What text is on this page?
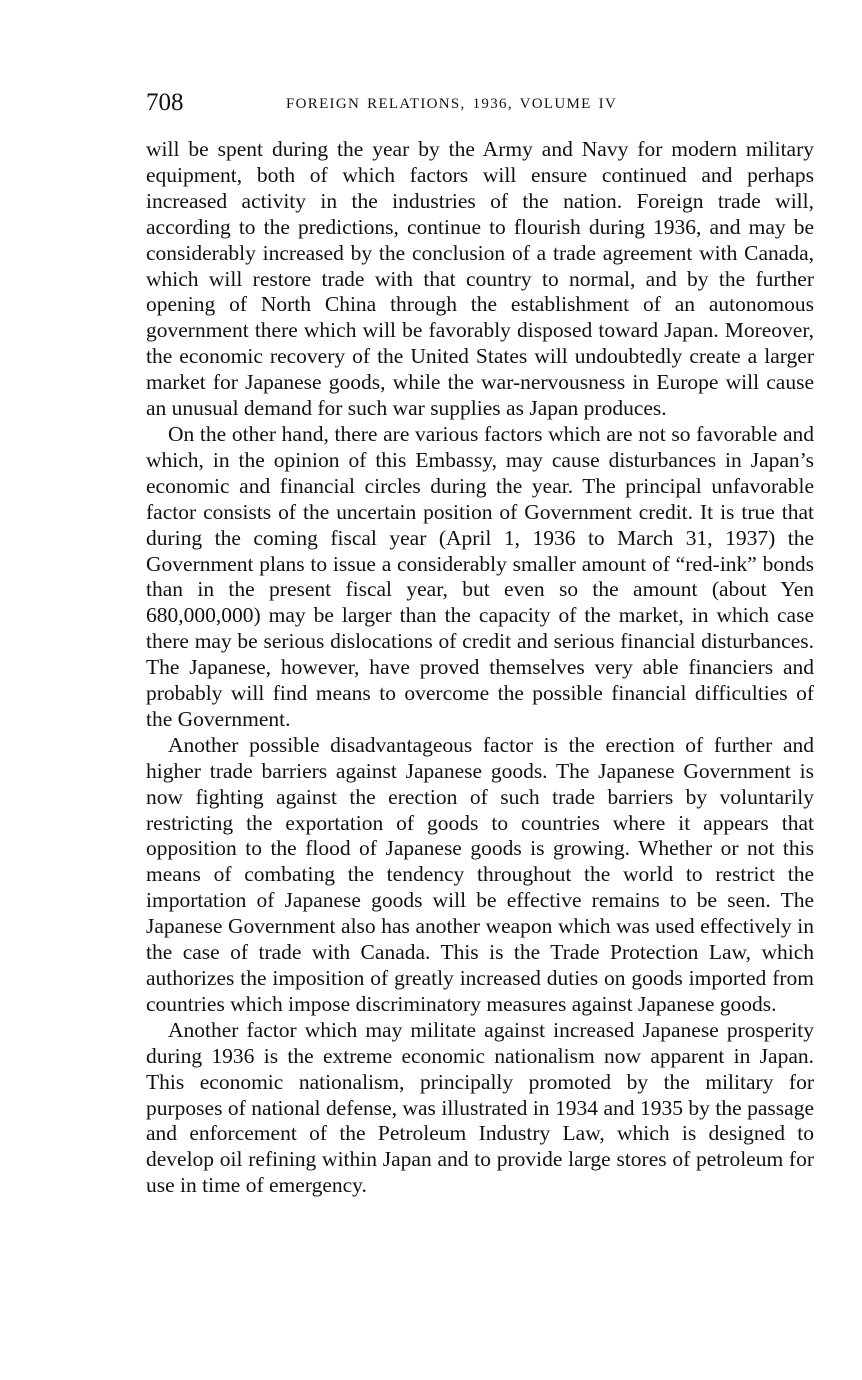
708	FOREIGN RELATIONS, 1936, VOLUME IV

will be spent during the year by the Army and Navy for modern military equipment, both of which factors will ensure continued and perhaps increased activity in the industries of the nation. Foreign trade will, according to the predictions, continue to flourish during 1936, and may be considerably increased by the conclusion of a trade agreement with Canada, which will restore trade with that country to normal, and by the further opening of North China through the establishment of an autonomous government there which will be favorably disposed toward Japan. Moreover, the economic recovery of the United States will undoubtedly create a larger market for Japanese goods, while the war-nervousness in Europe will cause an unusual demand for such war supplies as Japan produces.

On the other hand, there are various factors which are not so favorable and which, in the opinion of this Embassy, may cause disturbances in Japan’s economic and financial circles during the year. The principal unfavorable factor consists of the uncertain position of Government credit. It is true that during the coming fiscal year (April 1, 1936 to March 31, 1937) the Government plans to issue a considerably smaller amount of “red-ink” bonds than in the present fiscal year, but even so the amount (about Yen 680,000,000) may be larger than the capacity of the market, in which case there may be serious dislocations of credit and serious financial disturbances. The Japanese, however, have proved themselves very able financiers and probably will find means to overcome the possible financial difficulties of the Government.

Another possible disadvantageous factor is the erection of further and higher trade barriers against Japanese goods. The Japanese Government is now fighting against the erection of such trade barriers by voluntarily restricting the exportation of goods to countries where it appears that opposition to the flood of Japanese goods is growing. Whether or not this means of combating the tendency throughout the world to restrict the importation of Japanese goods will be effective remains to be seen. The Japanese Government also has another weapon which was used effectively in the case of trade with Canada. This is the Trade Protection Law, which authorizes the imposition of greatly increased duties on goods imported from countries which impose discriminatory measures against Japanese goods.

Another factor which may militate against increased Japanese prosperity during 1936 is the extreme economic nationalism now apparent in Japan. This economic nationalism, principally promoted by the military for purposes of national defense, was illustrated in 1934 and 1935 by the passage and enforcement of the Petroleum Industry Law, which is designed to develop oil refining within Japan and to provide large stores of petroleum for use in time of emergency.
